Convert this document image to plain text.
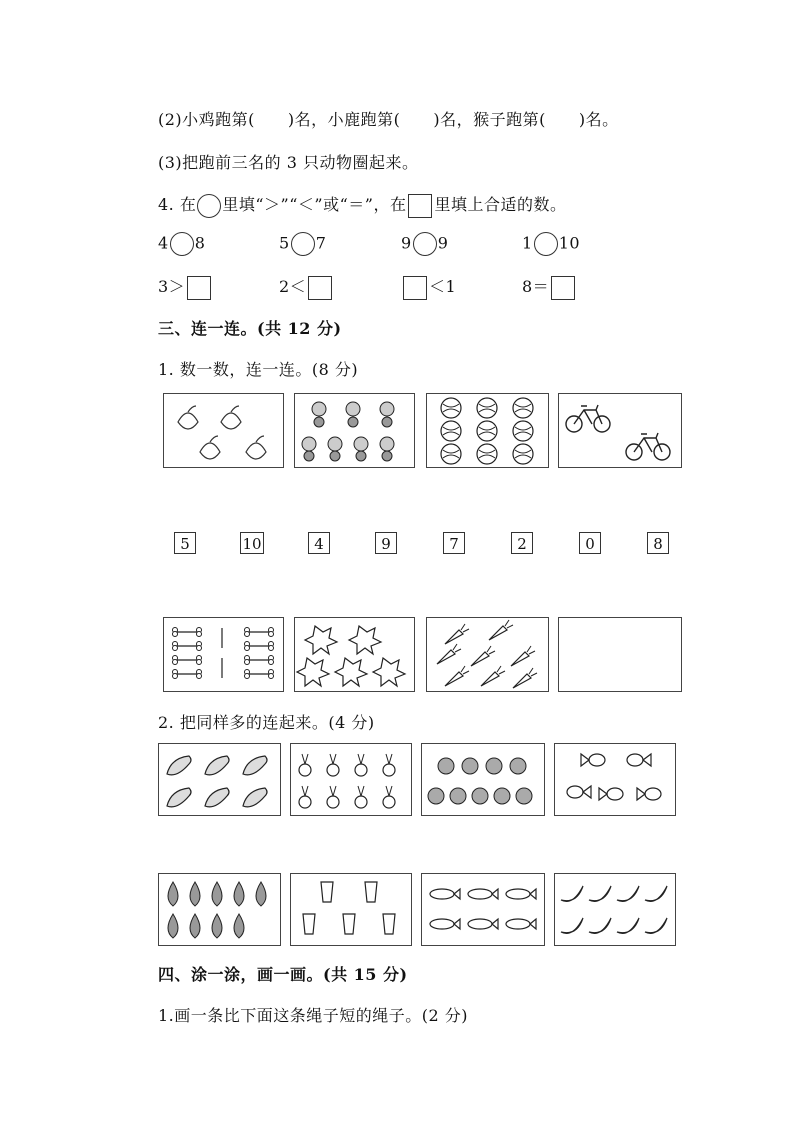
(2)小鸡跑第(　　)名，小鹿跑第(　　)名，猴子跑第(　　)名。
(3)把跑前三名的 3 只动物圈起来。
4. 在 里填“＞”“＜”或“＝”，在 里填上合适的数。
4 8	5 7	9 9	1 10
3＞	2＜	＜1	8＝
三、连一连。(共 12 分)
1. 数一数，连一连。(8 分)
5	10	4	9	7	2	0	8
2. 把同样多的连起来。(4 分)
四、涂一涂，画一画。(共 15 分)
1.画一条比下面这条绳子短的绳子。(2 分)
